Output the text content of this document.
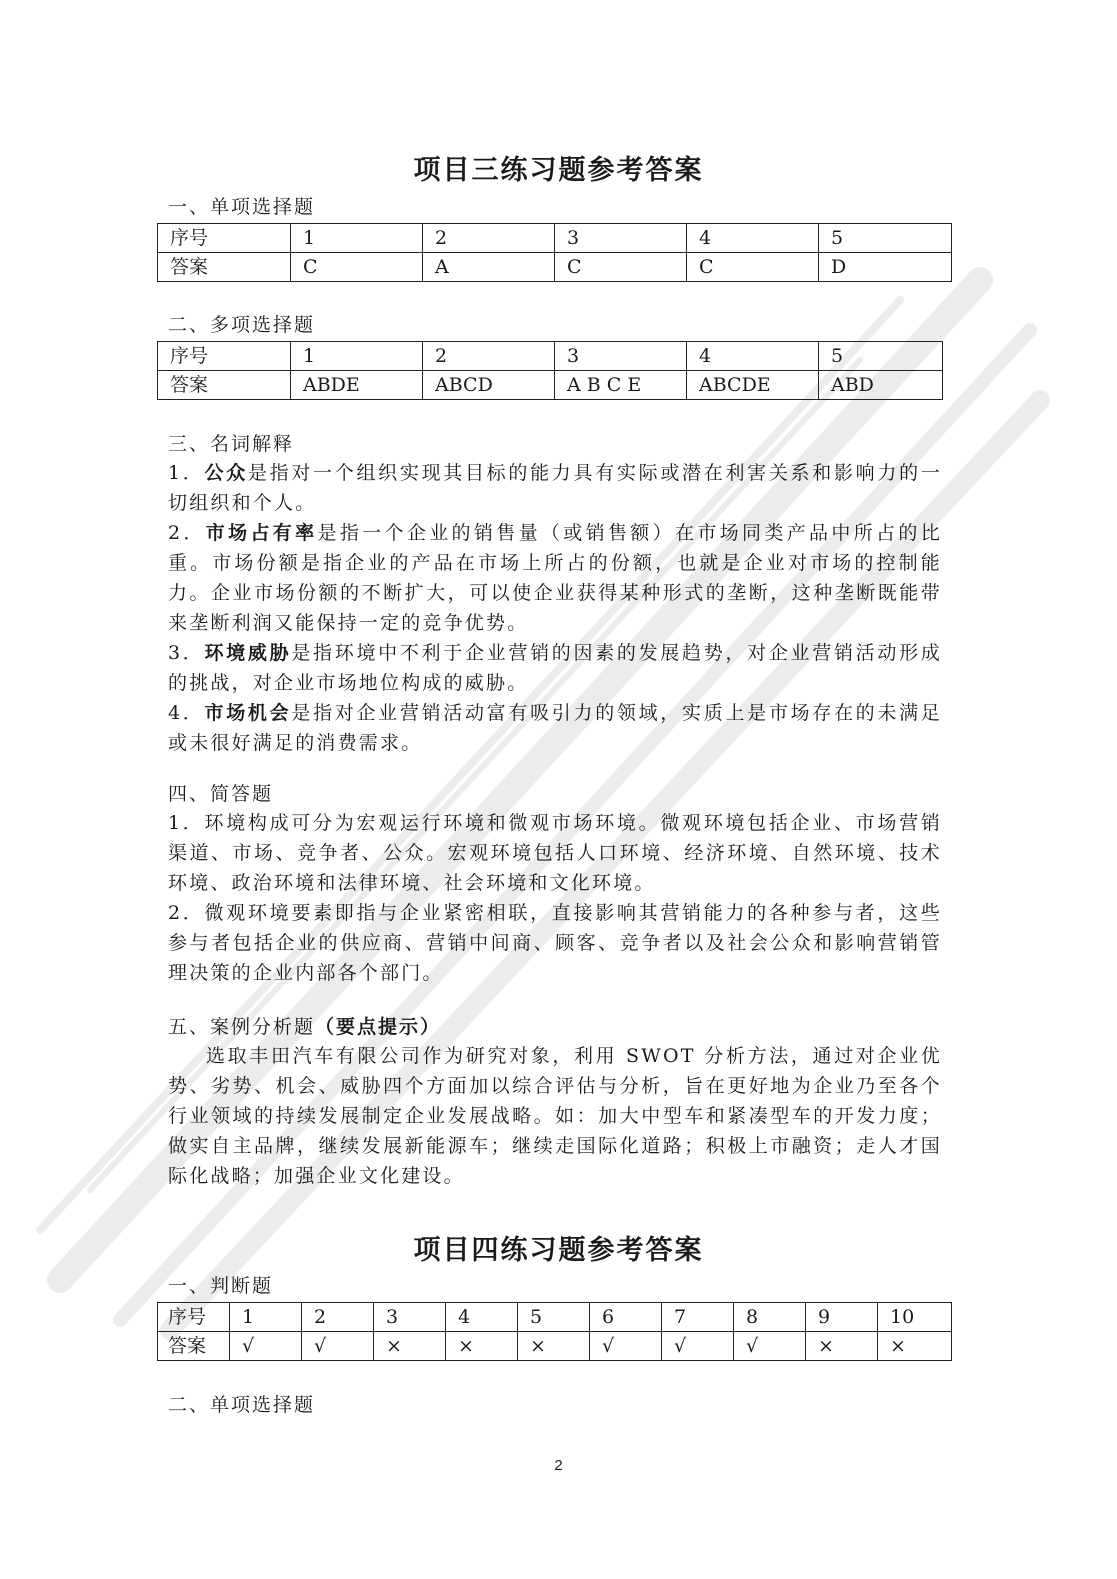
项目三练习题参考答案

一、单项选择题

序号	1	2	3	4	5
答案	C	A	C	C	D

二、多项选择题

序号	1	2	3	4	5
答案	ABDE	ABCD	A B C E	ABCDE	ABD

三、名词解释

1．公众是指对一个组织实现其目标的能力具有实际或潜在利害关系和影响力的一切组织和个人。
2．市场占有率是指一个企业的销售量（或销售额）在市场同类产品中所占的比重。市场份额是指企业的产品在市场上所占的份额，也就是企业对市场的控制能力。企业市场份额的不断扩大，可以使企业获得某种形式的垄断，这种垄断既能带来垄断利润又能保持一定的竞争优势。
3．环境威胁是指环境中不利于企业营销的因素的发展趋势，对企业营销活动形成的挑战，对企业市场地位构成的威胁。
4．市场机会是指对企业营销活动富有吸引力的领域，实质上是市场存在的未满足或未很好满足的消费需求。

四、简答题

1．环境构成可分为宏观运行环境和微观市场环境。微观环境包括企业、市场营销渠道、市场、竞争者、公众。宏观环境包括人口环境、经济环境、自然环境、技术环境、政治环境和法律环境、社会环境和文化环境。
2．微观环境要素即指与企业紧密相联，直接影响其营销能力的各种参与者，这些参与者包括企业的供应商、营销中间商、顾客、竞争者以及社会公众和影响营销管理决策的企业内部各个部门。

五、案例分析题（要点提示）

选取丰田汽车有限公司作为研究对象，利用 SWOT 分析方法，通过对企业优势、劣势、机会、威胁四个方面加以综合评估与分析，旨在更好地为企业乃至各个行业领域的持续发展制定企业发展战略。如：加大中型车和紧凑型车的开发力度；做实自主品牌，继续发展新能源车；继续走国际化道路；积极上市融资；走人才国际化战略；加强企业文化建设。
项目四练习题参考答案

一、判断题

序号	1	2	3	4	5	6	7	8	9	10
答案	√	√	×	×	×	√	√	√	×	×

二、单项选择题

2
